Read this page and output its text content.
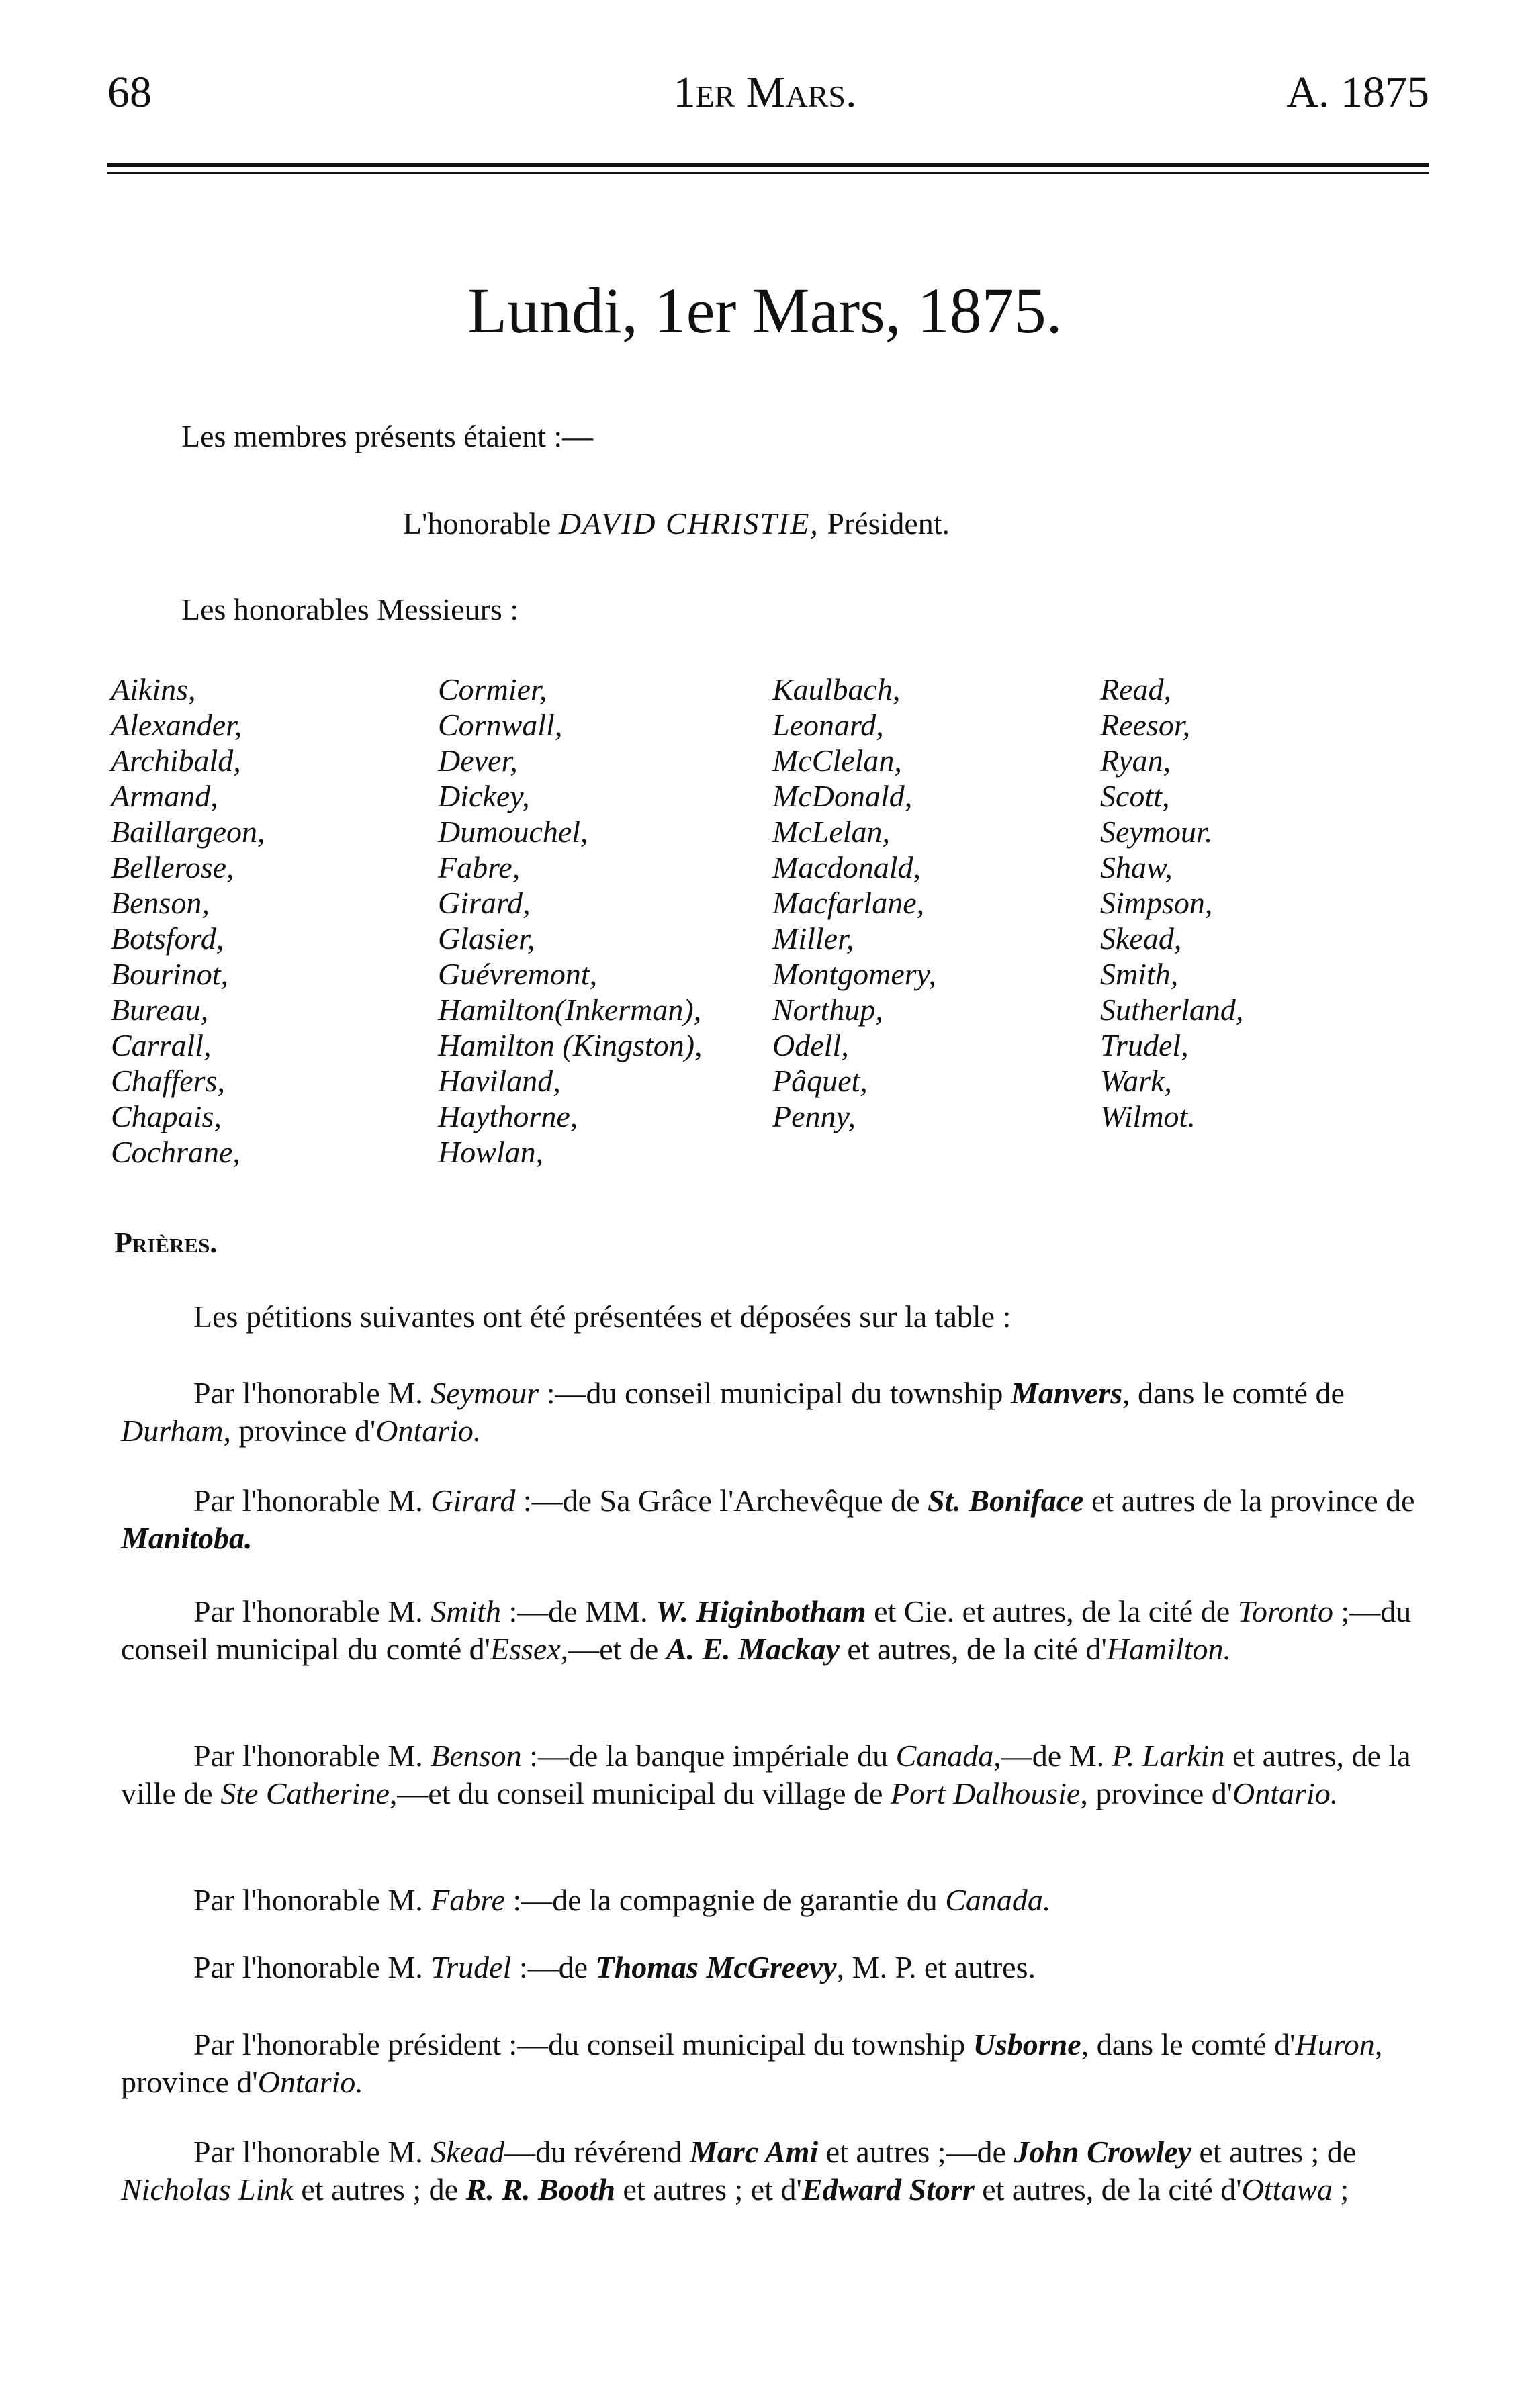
68	1er Mars.	A. 1875
Lundi, 1er Mars, 1875.
Les membres présents étaient :—
L'honorable DAVID CHRISTIE, Président.
Les honorables Messieurs :
Aikins,
Alexander,
Archibald,
Armand,
Baillargeon,
Bellerose,
Benson,
Botsford,
Bourinot,
Bureau,
Carrall,
Chaffers,
Chapais,
Cochrane,
Cormier,
Cornwall,
Dever,
Dickey,
Dumouchel,
Fabre,
Girard,
Glasier,
Guévremont,
Hamilton(Inkerman),
Hamilton (Kingston),
Haviland,
Haythorne,
Howlan,
Kaulbach,
Leonard,
McClelan,
McDonald,
McLelan,
Macdonald,
Macfarlane,
Miller,
Montgomery,
Northup,
Odell,
Pâquet,
Penny,
Read,
Reesor,
Ryan,
Scott,
Seymour.
Shaw,
Simpson,
Skead,
Smith,
Sutherland,
Trudel,
Wark,
Wilmot.
Prières.
Les pétitions suivantes ont été présentées et déposées sur la table :
Par l'honorable M. Seymour :—du conseil municipal du township Manvers, dans le comté de Durham, province d'Ontario.
Par l'honorable M. Girard :—de Sa Grâce l'Archevêque de St. Boniface et autres de la province de Manitoba.
Par l'honorable M. Smith :—de MM. W. Higinbotham et Cie. et autres, de la cité de Toronto ;—du conseil municipal du comté d'Essex,—et de A. E. Mackay et autres, de la cité d'Hamilton.
Par l'honorable M. Benson :—de la banque impériale du Canada,—de M. P. Larkin et autres, de la ville de Ste Catherine,—et du conseil municipal du village de Port Dalhousie, province d'Ontario.
Par l'honorable M. Fabre :—de la compagnie de garantie du Canada.
Par l'honorable M. Trudel :—de Thomas McGreevy, M. P. et autres.
Par l'honorable président :—du conseil municipal du township Usborne, dans le comté d'Huron, province d'Ontario.
Par l'honorable M. Skead—du révérend Marc Ami et autres ;—de John Crowley et autres ; de Nicholas Link et autres ; de R. R. Booth et autres ; et d'Edward Storr et autres, de la cité d'Ottawa ;
